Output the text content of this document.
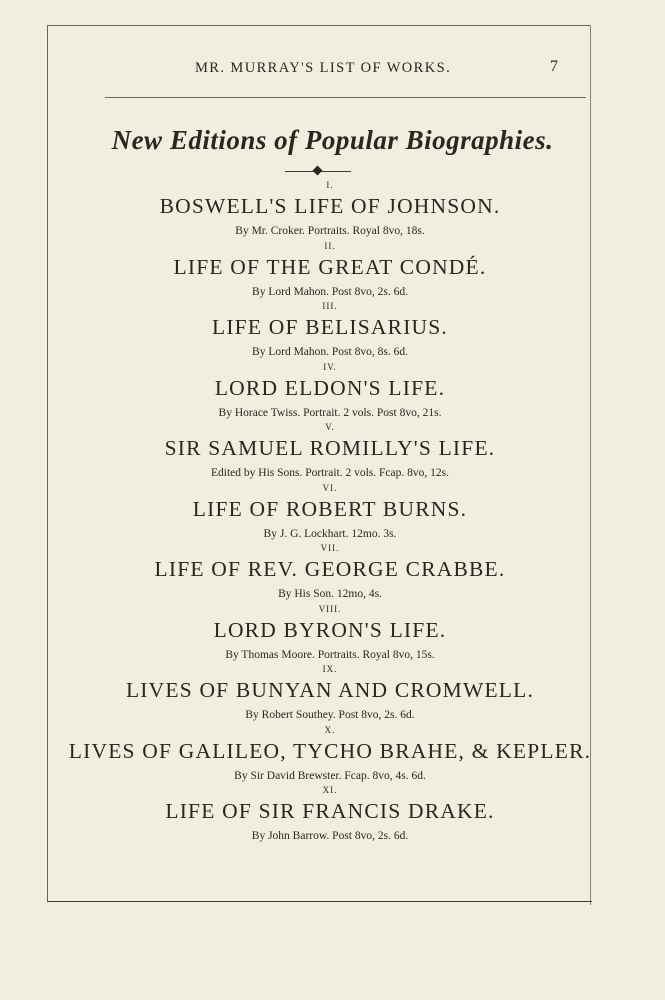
MR. MURRAY'S LIST OF WORKS.	7
New Editions of Popular Biographies.
I.
BOSWELL'S LIFE OF JOHNSON.
By Mr. Croker. Portraits. Royal 8vo, 18s.
II.
LIFE OF THE GREAT CONDÉ.
By Lord Mahon. Post 8vo, 2s. 6d.
III.
LIFE OF BELISARIUS.
By Lord Mahon. Post 8vo, 8s. 6d.
IV.
LORD ELDON'S LIFE.
By Horace Twiss. Portrait. 2 vols. Post 8vo, 21s.
V.
SIR SAMUEL ROMILLY'S LIFE.
Edited by His Sons. Portrait. 2 vols. Fcap. 8vo, 12s.
VI.
LIFE OF ROBERT BURNS.
By J. G. Lockhart. 12mo. 3s.
VII.
LIFE OF REV. GEORGE CRABBE.
By His Son. 12mo, 4s.
VIII.
LORD BYRON'S LIFE.
By Thomas Moore. Portraits. Royal 8vo, 15s.
IX.
LIVES OF BUNYAN AND CROMWELL.
By Robert Southey. Post 8vo, 2s. 6d.
X.
LIVES OF GALILEO, TYCHO BRAHE, & KEPLER.
By Sir David Brewster. Fcap. 8vo, 4s. 6d.
XI.
LIFE OF SIR FRANCIS DRAKE.
By John Barrow. Post 8vo, 2s. 6d.
